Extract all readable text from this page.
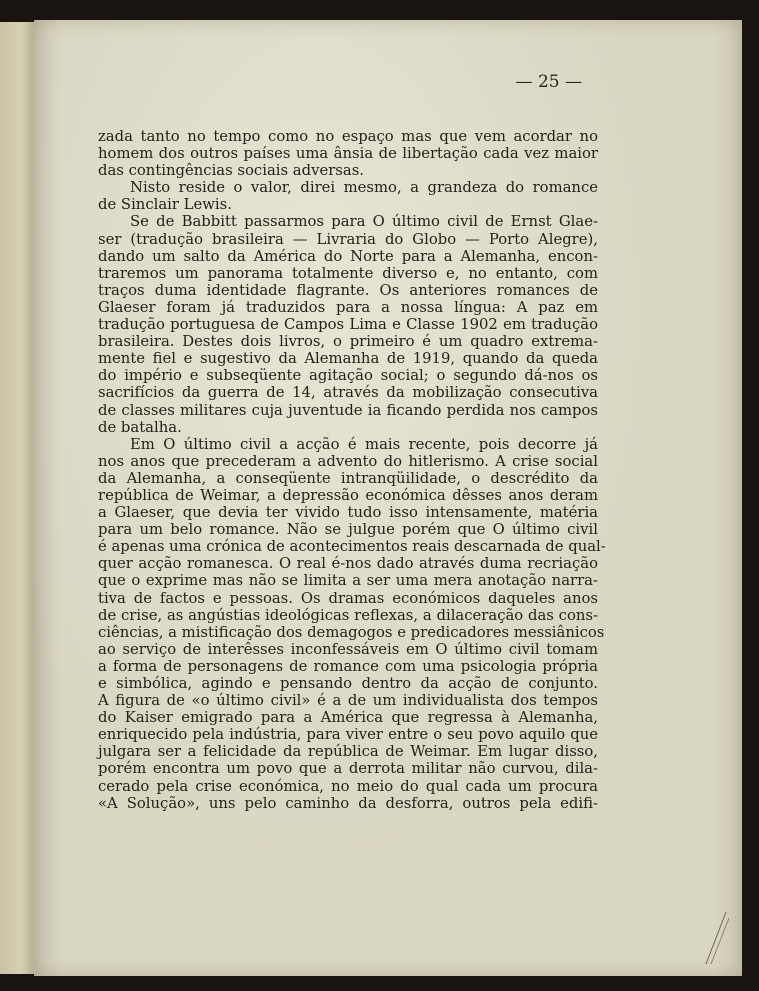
— 25 —
zada tanto no tempo como no espaço mas que vem acordar no
homem dos outros países uma ânsia de libertação cada vez maior
das contingências sociais adversas.
Nisto reside o valor, direi mesmo, a grandeza do romance
de Sinclair Lewis.
Se de Babbitt passarmos para O último civil de Ernst Glae-
ser (tradução brasileira — Livraria do Globo — Porto Alegre),
dando um salto da América do Norte para a Alemanha, encon-
traremos um panorama totalmente diverso e, no entanto, com
traços duma identidade flagrante. Os anteriores romances de
Glaeser foram já traduzidos para a nossa língua: A paz em
tradução portuguesa de Campos Lima e Classe 1902 em tradução
brasileira. Destes dois livros, o primeiro é um quadro extrema-
mente fiel e sugestivo da Alemanha de 1919, quando da queda
do império e subseqüente agitação social; o segundo dá-nos os
sacrifícios da guerra de 14, através da mobilização consecutiva
de classes militares cuja juventude ia ficando perdida nos campos
de batalha.
Em O último civil a acção é mais recente, pois decorre já
nos anos que precederam a advento do hitlerismo. A crise social
da Alemanha, a conseqüente intranqüilidade, o descrédito da
república de Weimar, a depressão económica dêsses anos deram
a Glaeser, que devia ter vivido tudo isso intensamente, matéria
para um belo romance. Não se julgue porém que O último civil
é apenas uma crónica de acontecimentos reais descarnada de qual-
quer acção romanesca. O real é-nos dado através duma recriação
que o exprime mas não se limita a ser uma mera anotação narra-
tiva de factos e pessoas. Os dramas económicos daqueles anos
de crise, as angústias ideológicas reflexas, a dilaceração das cons-
ciências, a mistificação dos demagogos e predicadores messiânicos
ao serviço de interêsses inconfessáveis em O último civil tomam
a forma de personagens de romance com uma psicologia própria
e simbólica, agindo e pensando dentro da acção de conjunto.
A figura de «o último civil» é a de um individualista dos tempos
do Kaiser emigrado para a América que regressa à Alemanha,
enriquecido pela indústria, para viver entre o seu povo aquilo que
julgara ser a felicidade da república de Weimar. Em lugar disso,
porém encontra um povo que a derrota militar não curvou, dila-
cerado pela crise económica, no meio do qual cada um procura
«A Solução», uns pelo caminho da desforra, outros pela edifi-
